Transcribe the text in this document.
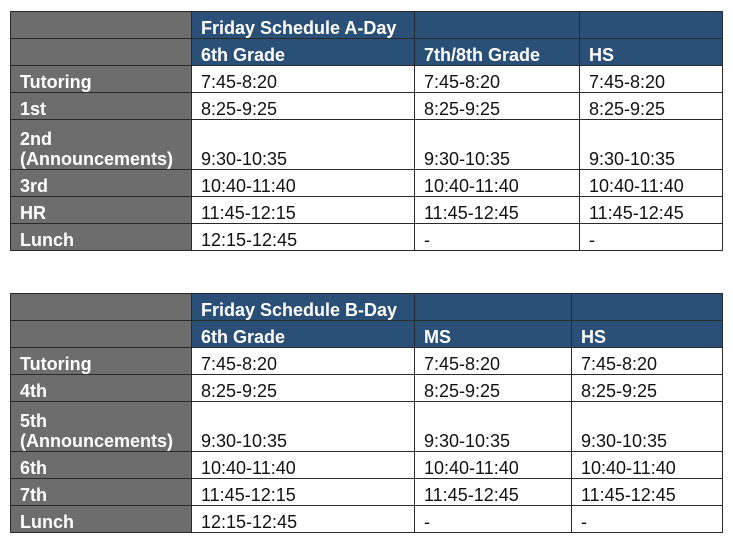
	Friday Schedule A-Day		
	6th Grade	7th/8th Grade	HS
Tutoring	7:45-8:20	7:45-8:20	7:45-8:20
1st	8:25-9:25	8:25-9:25	8:25-9:25
2nd (Announcements)	9:30-10:35	9:30-10:35	9:30-10:35
3rd	10:40-11:40	10:40-11:40	10:40-11:40
HR	11:45-12:15	11:45-12:45	11:45-12:45
Lunch	12:15-12:45	-	-
	Friday Schedule B-Day		
	6th Grade	MS	HS
Tutoring	7:45-8:20	7:45-8:20	7:45-8:20
4th	8:25-9:25	8:25-9:25	8:25-9:25
5th (Announcements)	9:30-10:35	9:30-10:35	9:30-10:35
6th	10:40-11:40	10:40-11:40	10:40-11:40
7th	11:45-12:15	11:45-12:45	11:45-12:45
Lunch	12:15-12:45	-	-
